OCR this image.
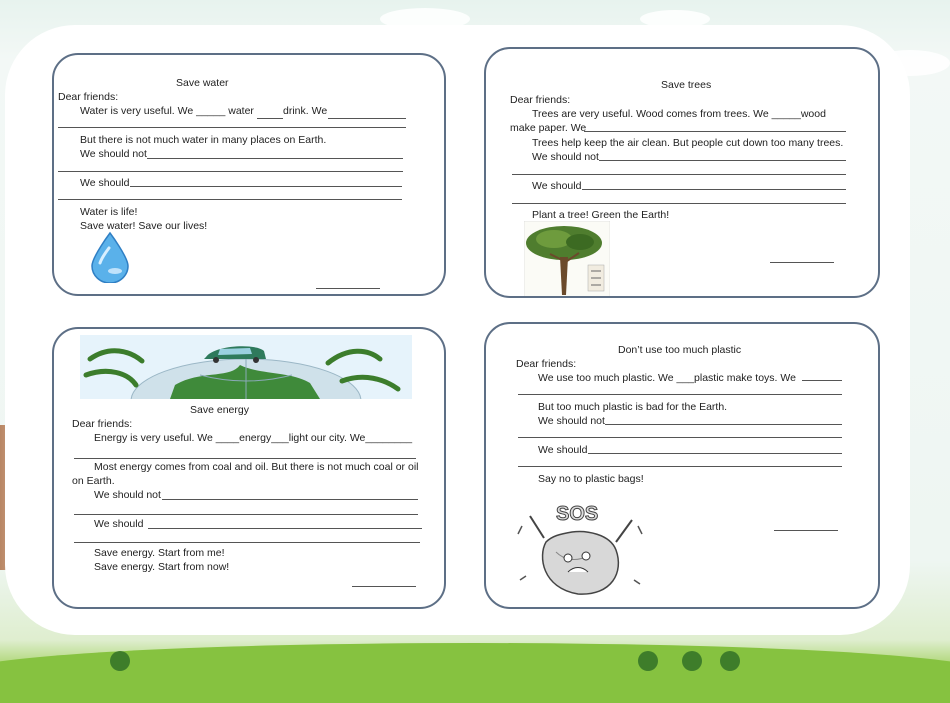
Save water
Dear friends:
Water is very useful. We _____ water	drink. We
But there is not much water in many places on Earth.
We should not
We should
Water is life!
Save water! Save our lives!
Save trees
Dear friends:
Trees are very useful. Wood comes from trees. We _____wood
make paper. We
Trees help keep the air clean. But people cut down too many trees.
We should not
We should
Plant a tree! Green the Earth!
Save energy
Dear friends:
Energy is very useful. We ____energy___light our city. We________
Most energy comes from coal and oil. But there is not much coal or oil
on Earth.
We should not
We should
Save energy. Start from me!
Save energy. Start from now!
Don’t use too much plastic
Dear friends:
We use too much plastic. We ___plastic make toys. We
But too much plastic is bad for the Earth.
We should not
We should
Say no to plastic bags!
SOS
